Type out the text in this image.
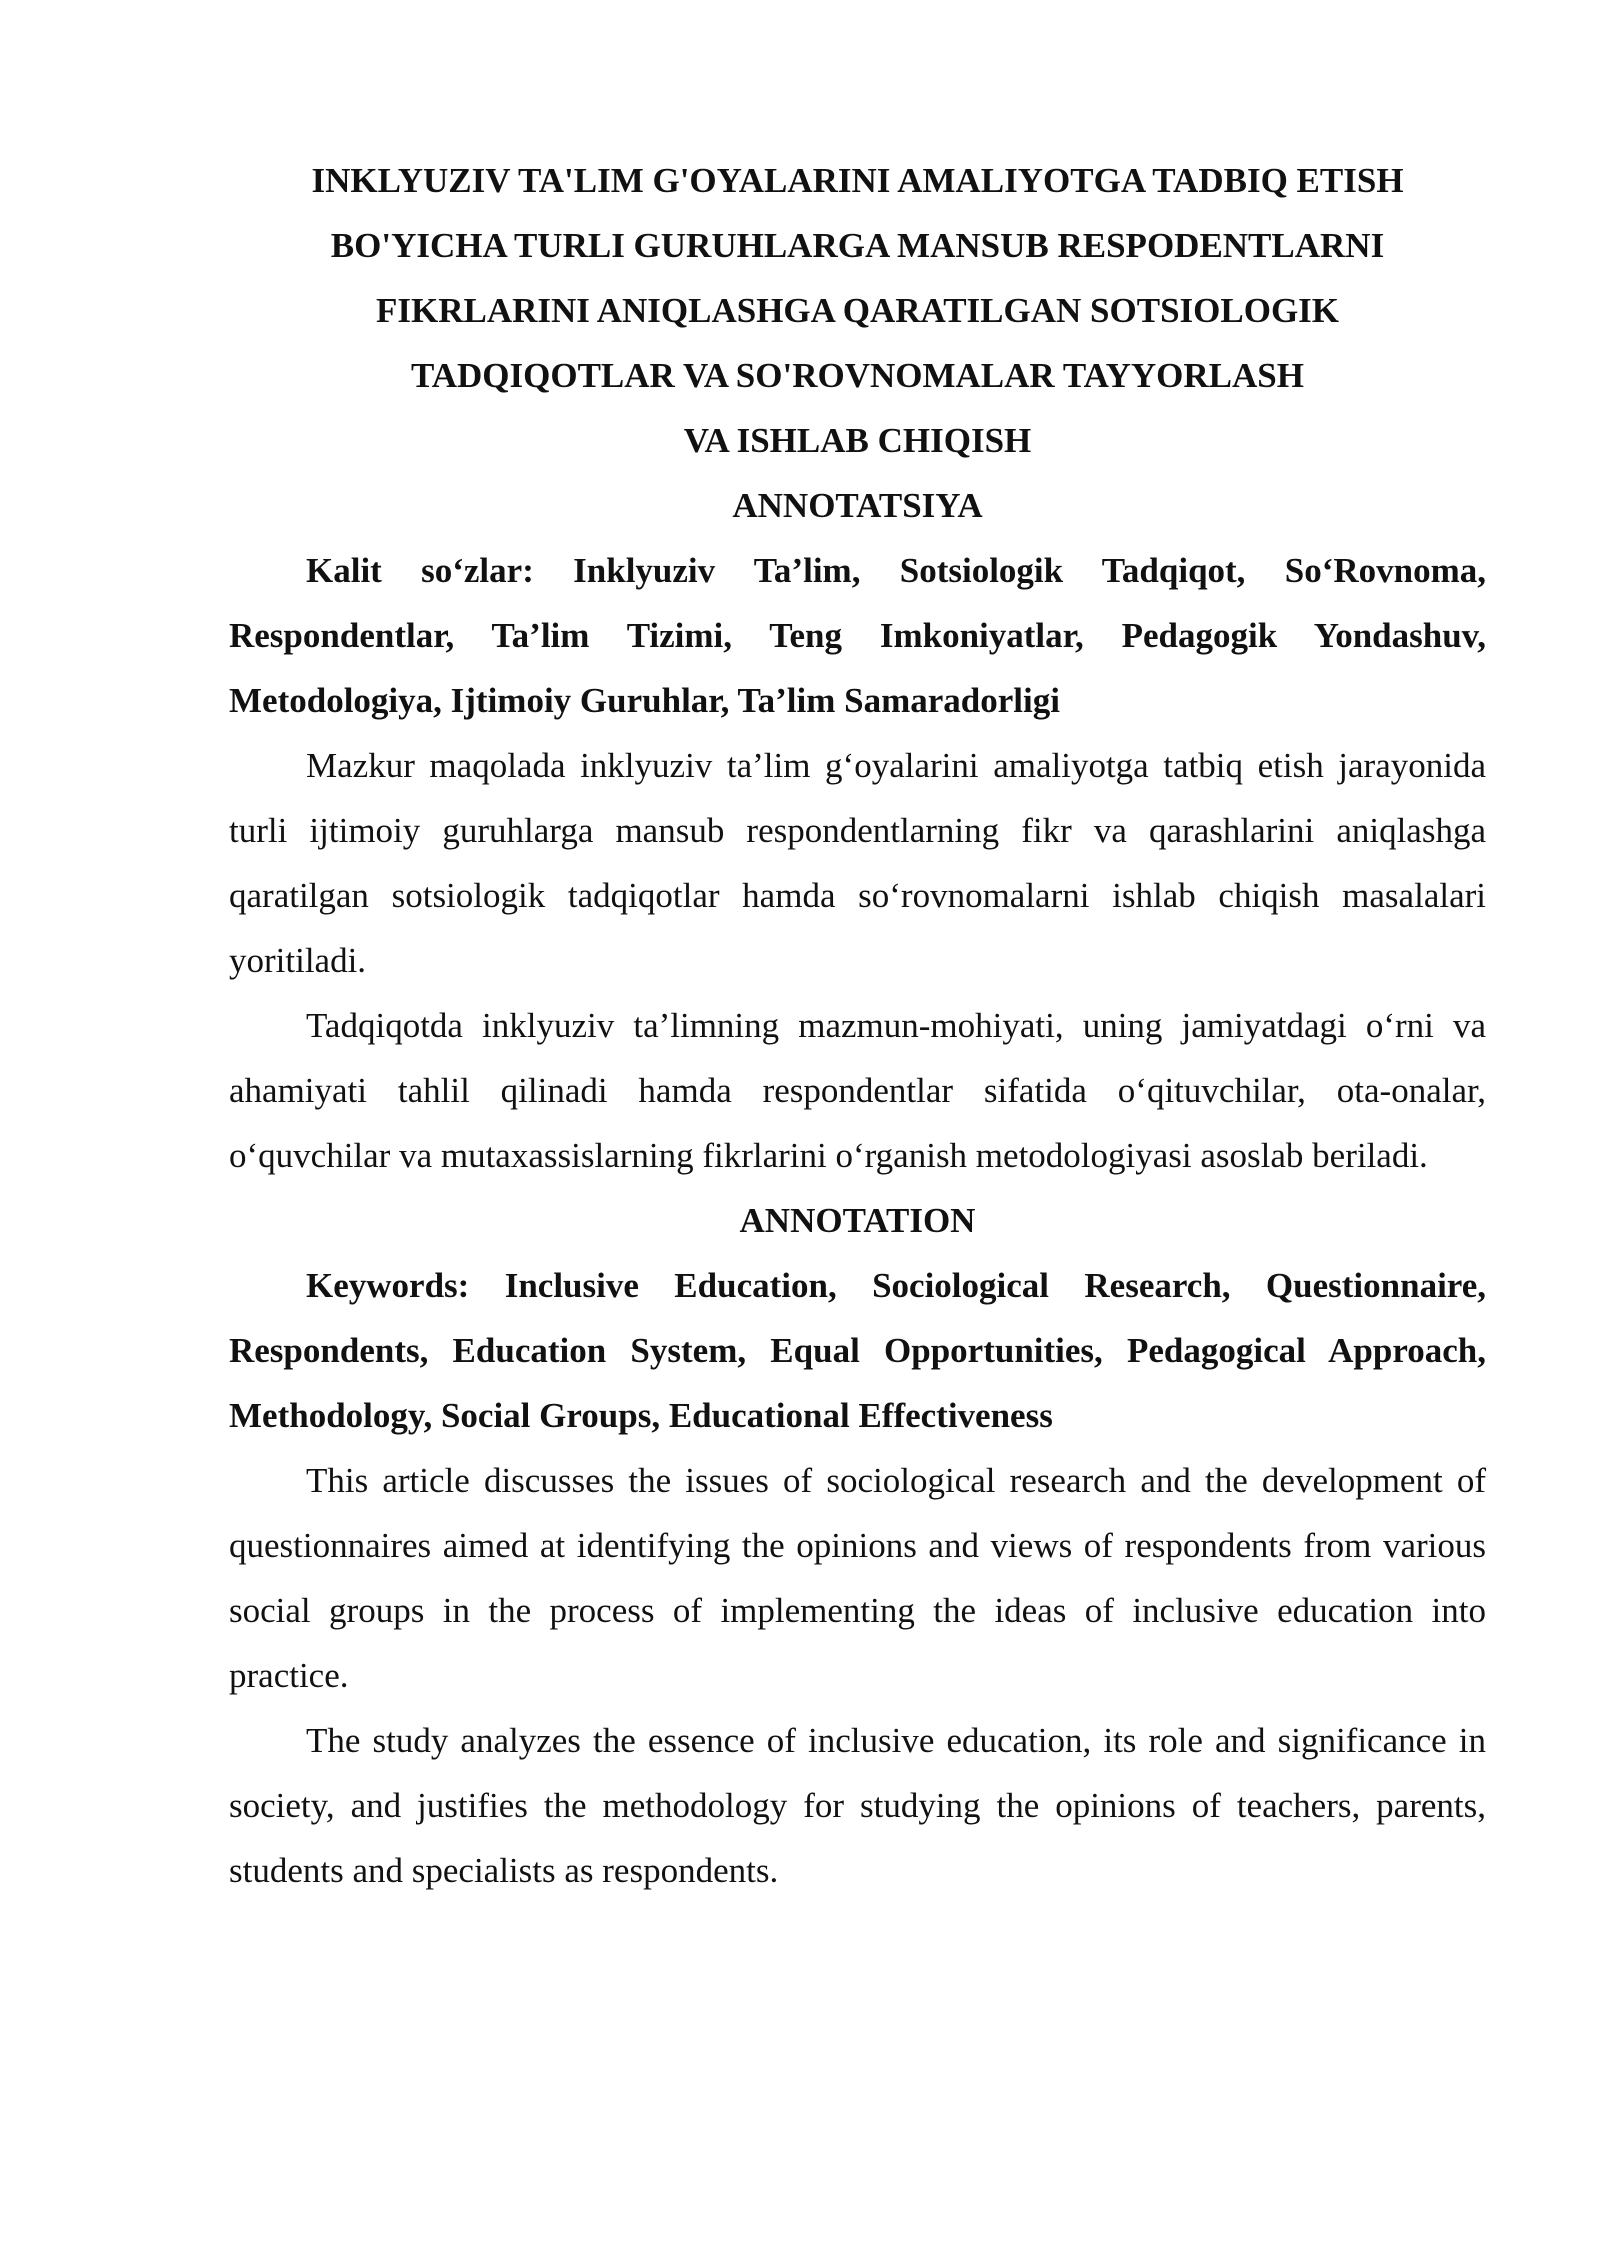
INKLYUZIV TA'LIM G'OYALARINI AMALIYOTGA TADBIQ ETISH
BO'YICHA TURLI GURUHLARGA MANSUB RESPODENTLARNI
FIKRLARINI ANIQLASHGA QARATILGAN SOTSIOLOGIK
TADQIQOTLAR VA SO'ROVNOMALAR TAYYORLASH
VA ISHLAB CHIQISH
ANNOTATSIYA

Kalit so‘zlar: Inklyuziv Ta’lim, Sotsiologik Tadqiqot, So‘Rovnoma, Respondentlar, Ta’lim Tizimi, Teng Imkoniyatlar, Pedagogik Yondashuv, Metodologiya, Ijtimoiy Guruhlar, Ta’lim Samaradorligi

Mazkur maqolada inklyuziv ta’lim g‘oyalarini amaliyotga tatbiq etish jarayonida turli ijtimoiy guruhlarga mansub respondentlarning fikr va qarashlarini aniqlashga qaratilgan sotsiologik tadqiqotlar hamda so‘rovnomalarni ishlab chiqish masalalari yoritiladi.

Tadqiqotda inklyuziv ta’limning mazmun-mohiyati, uning jamiyatdagi o‘rni va ahamiyati tahlil qilinadi hamda respondentlar sifatida o‘qituvchilar, ota-onalar, o‘quvchilar va mutaxassislarning fikrlarini o‘rganish metodologiyasi asoslab beriladi.

ANNOTATION

Keywords: Inclusive Education, Sociological Research, Questionnaire, Respondents, Education System, Equal Opportunities, Pedagogical Approach, Methodology, Social Groups, Educational Effectiveness

This article discusses the issues of sociological research and the development of questionnaires aimed at identifying the opinions and views of respondents from various social groups in the process of implementing the ideas of inclusive education into practice.

The study analyzes the essence of inclusive education, its role and significance in society, and justifies the methodology for studying the opinions of teachers, parents, students and specialists as respondents.
